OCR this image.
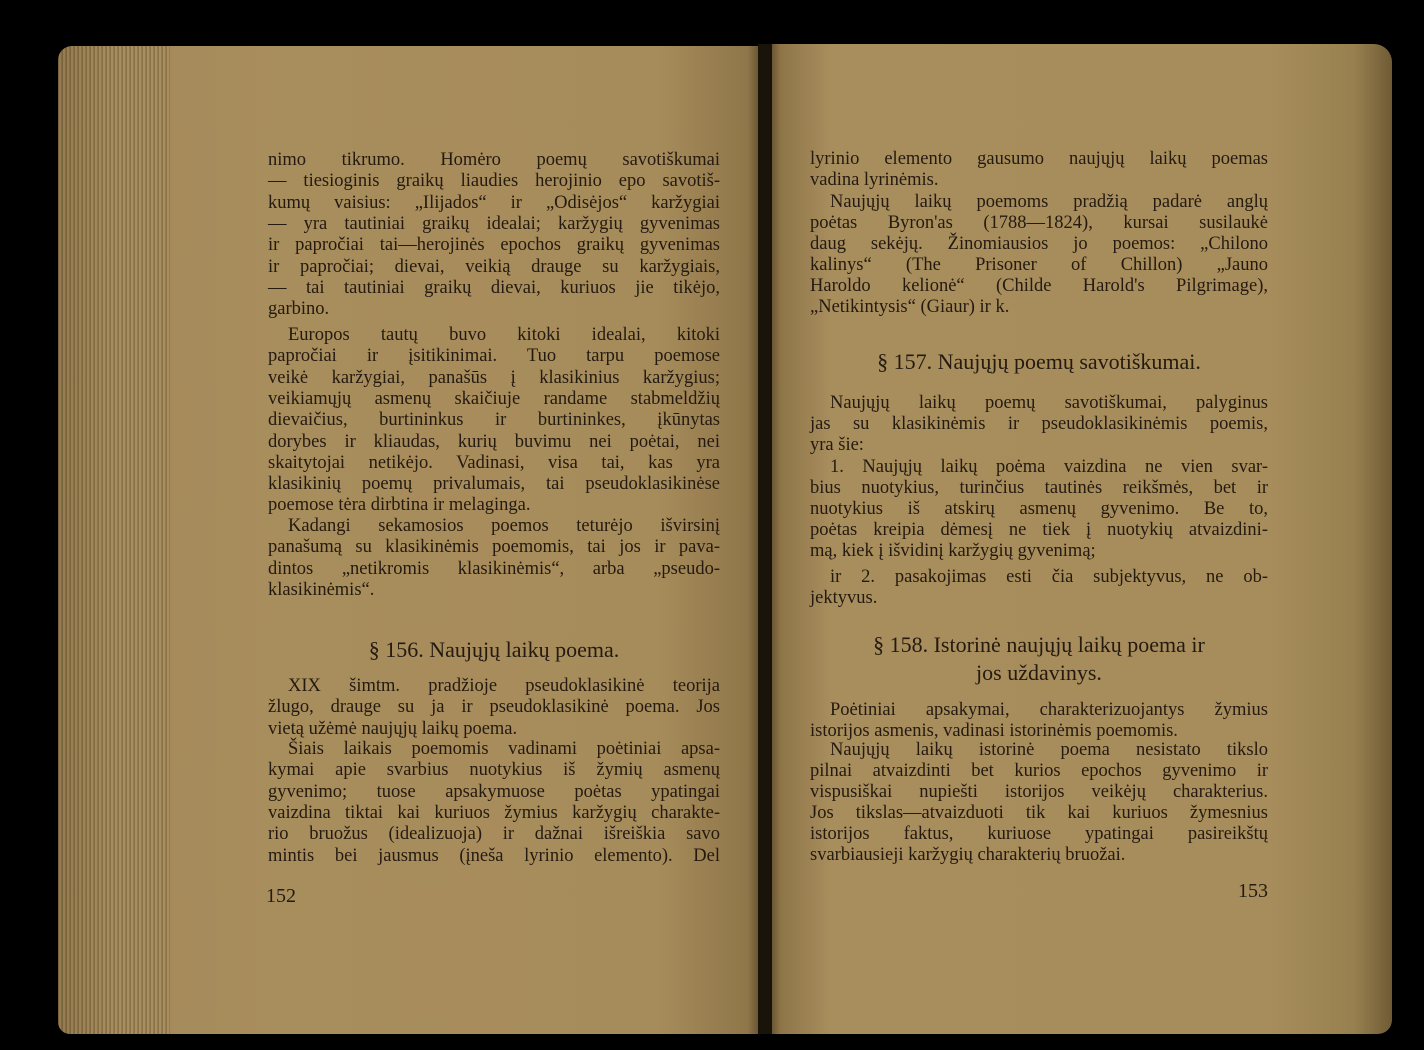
nimo tikrumo. Homėro poemų savotiškumai
— tiesioginis graikų liaudies herojinio epo savotiš-
kumų vaisius: „Ilijados“ ir „Odisėjos“ karžygiai
— yra tautiniai graikų idealai; karžygių gyvenimas
ir papročiai tai—herojinės epochos graikų gyvenimas
ir papročiai; dievai, veikią drauge su karžygiais,
— tai tautiniai graikų dievai, kuriuos jie tikėjo,
garbino.
Europos tautų buvo kitoki idealai, kitoki
papročiai ir įsitikinimai. Tuo tarpu poemose
veikė karžygiai, panašūs į klasikinius karžygius;
veikiamųjų asmenų skaičiuje randame stabmeldžių
dievaičius, burtininkus ir burtininkes, įkūnytas
dorybes ir kliaudas, kurių buvimu nei poėtai, nei
skaitytojai netikėjo. Vadinasi, visa tai, kas yra
klasikinių poemų privalumais, tai pseudoklasikinėse
poemose tėra dirbtina ir melaginga.
Kadangi sekamosios poemos teturėjo išvirsinį
panašumą su klasikinėmis poemomis, tai jos ir pava-
dintos „netikromis klasikinėmis“, arba „pseudo-
klasikinėmis“.
§ 156. Naujųjų laikų poema.
XIX šimtm. pradžioje pseudoklasikinė teorija
žlugo, drauge su ja ir pseudoklasikinė poema. Jos
vietą užėmė naujųjų laikų poema.
Šiais laikais poemomis vadinami poėtiniai apsa-
kymai apie svarbius nuotykius iš žymių asmenų
gyvenimo; tuose apsakymuose poėtas ypatingai
vaizdina tiktai kai kuriuos žymius karžygių charakte-
rio bruožus (idealizuoja) ir dažnai išreiškia savo
mintis bei jausmus (įneša lyrinio elemento). Del
lyrinio elemento gausumo naujųjų laikų poemas
vadina lyrinėmis.
Naujųjų laikų poemoms pradžią padarė anglų
poėtas Byron'as (1788—1824), kursai susilaukė
daug sekėjų. Žinomiausios jo poemos: „Chilono
kalinys“ (The Prisoner of Chillon) „Jauno
Haroldo kelionė“ (Childe Harold's Pilgrimage),
„Netikintysis“ (Giaur) ir k.
§ 157. Naujųjų poemų savotiškumai.
Naujųjų laikų poemų savotiškumai, palyginus
jas su klasikinėmis ir pseudoklasikinėmis poemis,
yra šie:
1. Naujųjų laikų poėma vaizdina ne vien svar-
bius nuotykius, turinčius tautinės reikšmės, bet ir
nuotykius iš atskirų asmenų gyvenimo. Be to,
poėtas kreipia dėmesį ne tiek į nuotykių atvaizdini-
mą, kiek į išvidinį karžygių gyvenimą;
ir 2. pasakojimas esti čia subjektyvus, ne ob-
jektyvus.
§ 158. Istorinė naujųjų laikų poema ir
jos uždavinys.
Poėtiniai apsakymai, charakterizuojantys žymius
istorijos asmenis, vadinasi istorinėmis poemomis.
Naujųjų laikų istorinė poema nesistato tikslo
pilnai atvaizdinti bet kurios epochos gyvenimo ir
vispusiškai nupiešti istorijos veikėjų charakterius.
Jos tikslas—atvaizduoti tik kai kuriuos žymesnius
istorijos faktus, kuriuose ypatingai pasireikštų
svarbiausieji karžygių charakterių bruožai.
152	153
